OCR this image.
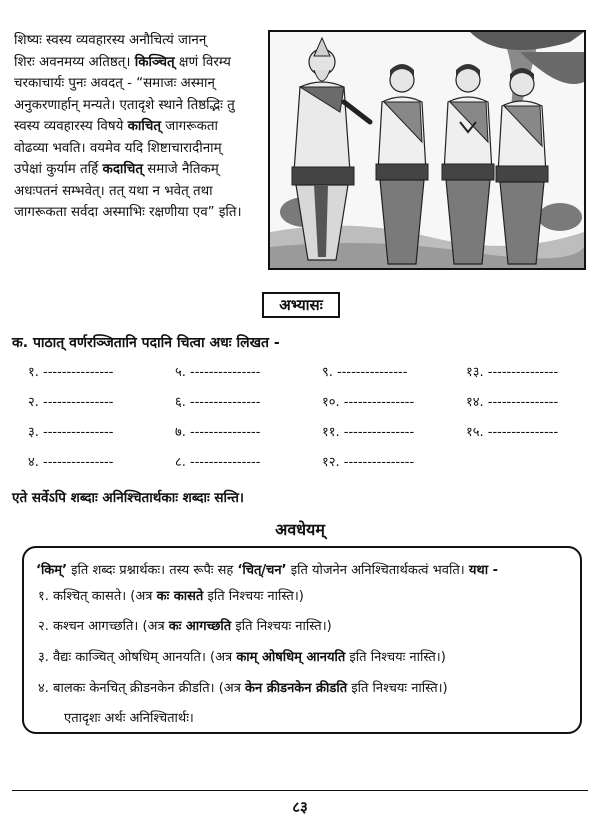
शिष्यः स्वस्य व्यवहारस्य अनौचित्यं जानन्
शिरः अवनमय्य अतिष्ठत्। किञ्चित् क्षणं विरम्य
चरकाचार्यः पुनः अवदत् - “समाजः अस्मान्
अनुकरणार्हान् मन्यते। एतादृशे स्थाने तिष्ठद्भिः तु
स्वस्य व्यवहारस्य विषये काचित् जागरूकता
वोढव्या भवति। वयमेव यदि शिष्टाचारादीनाम्
उपेक्षां कुर्याम तर्हि कदाचित् समाजे नैतिकम्
अधःपतनं सम्भवेत्। तत् यथा न भवेत् तथा
जागरूकता सर्वदा अस्माभिः रक्षणीया एव” इति।
अभ्यासः
क. पाठात् वर्णरञ्जितानि पदानि चित्वा अधः लिखत -
१. ---------------	५. ---------------	९. ---------------	१३. ---------------
२. ---------------	६. ---------------	१०. ---------------	१४. ---------------
३. ---------------	७. ---------------	११. ---------------	१५. ---------------
४. ---------------	८. ---------------	१२. ---------------
एते सर्वेऽपि शब्दाः अनिश्चितार्थकाः शब्दाः सन्ति।
अवधेयम्
‘किम्’ इति शब्दः प्रश्नार्थकः। तस्य रूपैः सह ‘चित्/चन’ इति योजनेन अनिश्चितार्थकत्वं भवति। यथा -
१. कश्चित् कासते। (अत्र कः कासते इति निश्चयः नास्ति।)
२. कश्चन आगच्छति। (अत्र कः आगच्छति इति निश्चयः नास्ति।)
३. वैद्यः काञ्चित् ओषधिम् आनयति। (अत्र काम् ओषधिम् आनयति इति निश्चयः नास्ति।)
४. बालकः केनचित् क्रीडनकेन क्रीडति। (अत्र केन क्रीडनकेन क्रीडति इति निश्चयः नास्ति।)
एतादृशः अर्थः अनिश्चितार्थः।
८३
